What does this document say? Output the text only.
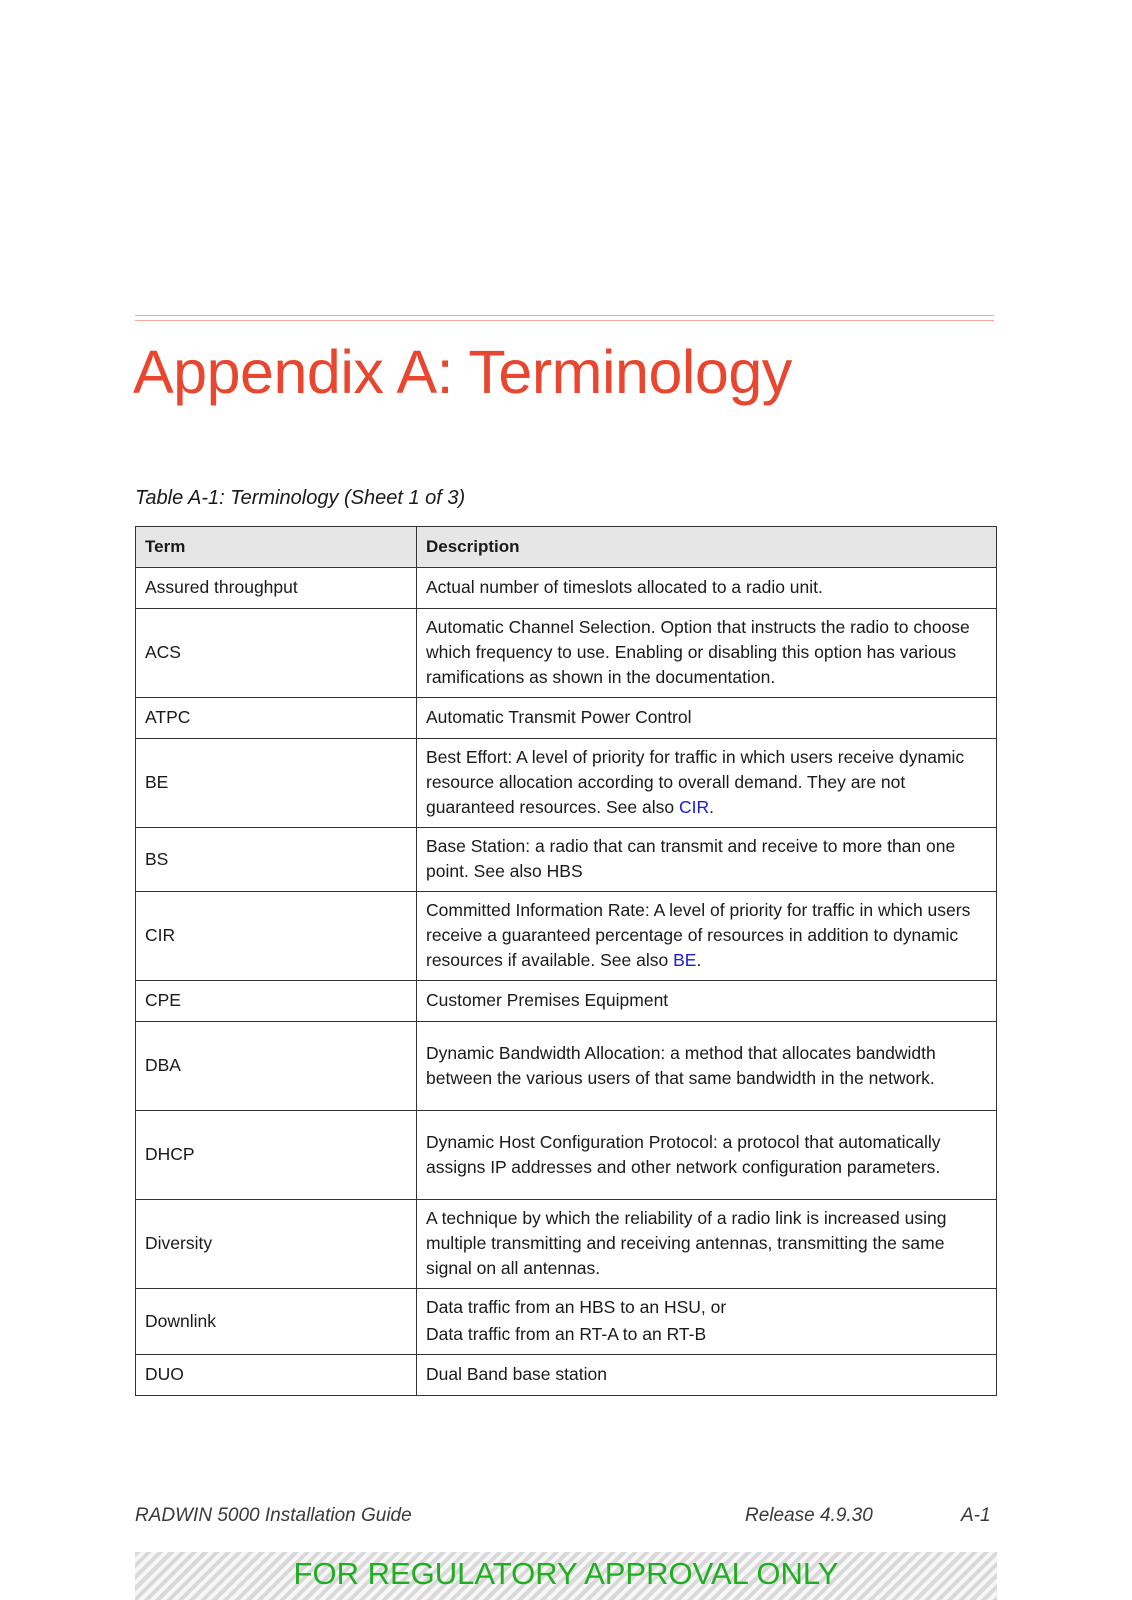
Appendix A: Terminology
Table A-1: Terminology (Sheet 1 of 3)
Term	Description
Assured throughput	Actual number of timeslots allocated to a radio unit.
ACS	Automatic Channel Selection. Option that instructs the radio to choose which frequency to use. Enabling or disabling this option has various ramifications as shown in the documentation.
ATPC	Automatic Transmit Power Control
BE	Best Effort: A level of priority for traffic in which users receive dynamic resource allocation according to overall demand. They are not guaranteed resources. See also CIR.
BS	Base Station: a radio that can transmit and receive to more than one point. See also HBS
CIR	Committed Information Rate: A level of priority for traffic in which users receive a guaranteed percentage of resources in addition to dynamic resources if available. See also BE.
CPE	Customer Premises Equipment
DBA	Dynamic Bandwidth Allocation: a method that allocates bandwidth between the various users of that same bandwidth in the network.
DHCP	Dynamic Host Configuration Protocol: a protocol that automatically assigns IP addresses and other network configuration parameters.
Diversity	A technique by which the reliability of a radio link is increased using multiple transmitting and receiving antennas, transmitting the same signal on all antennas.
Downlink	Data traffic from an HBS to an HSU, or
Data traffic from an RT-A to an RT-B

DUO	Dual Band base station
RADWIN 5000 Installation Guide	Release 4.9.30	A-1
FOR REGULATORY APPROVAL ONLY
